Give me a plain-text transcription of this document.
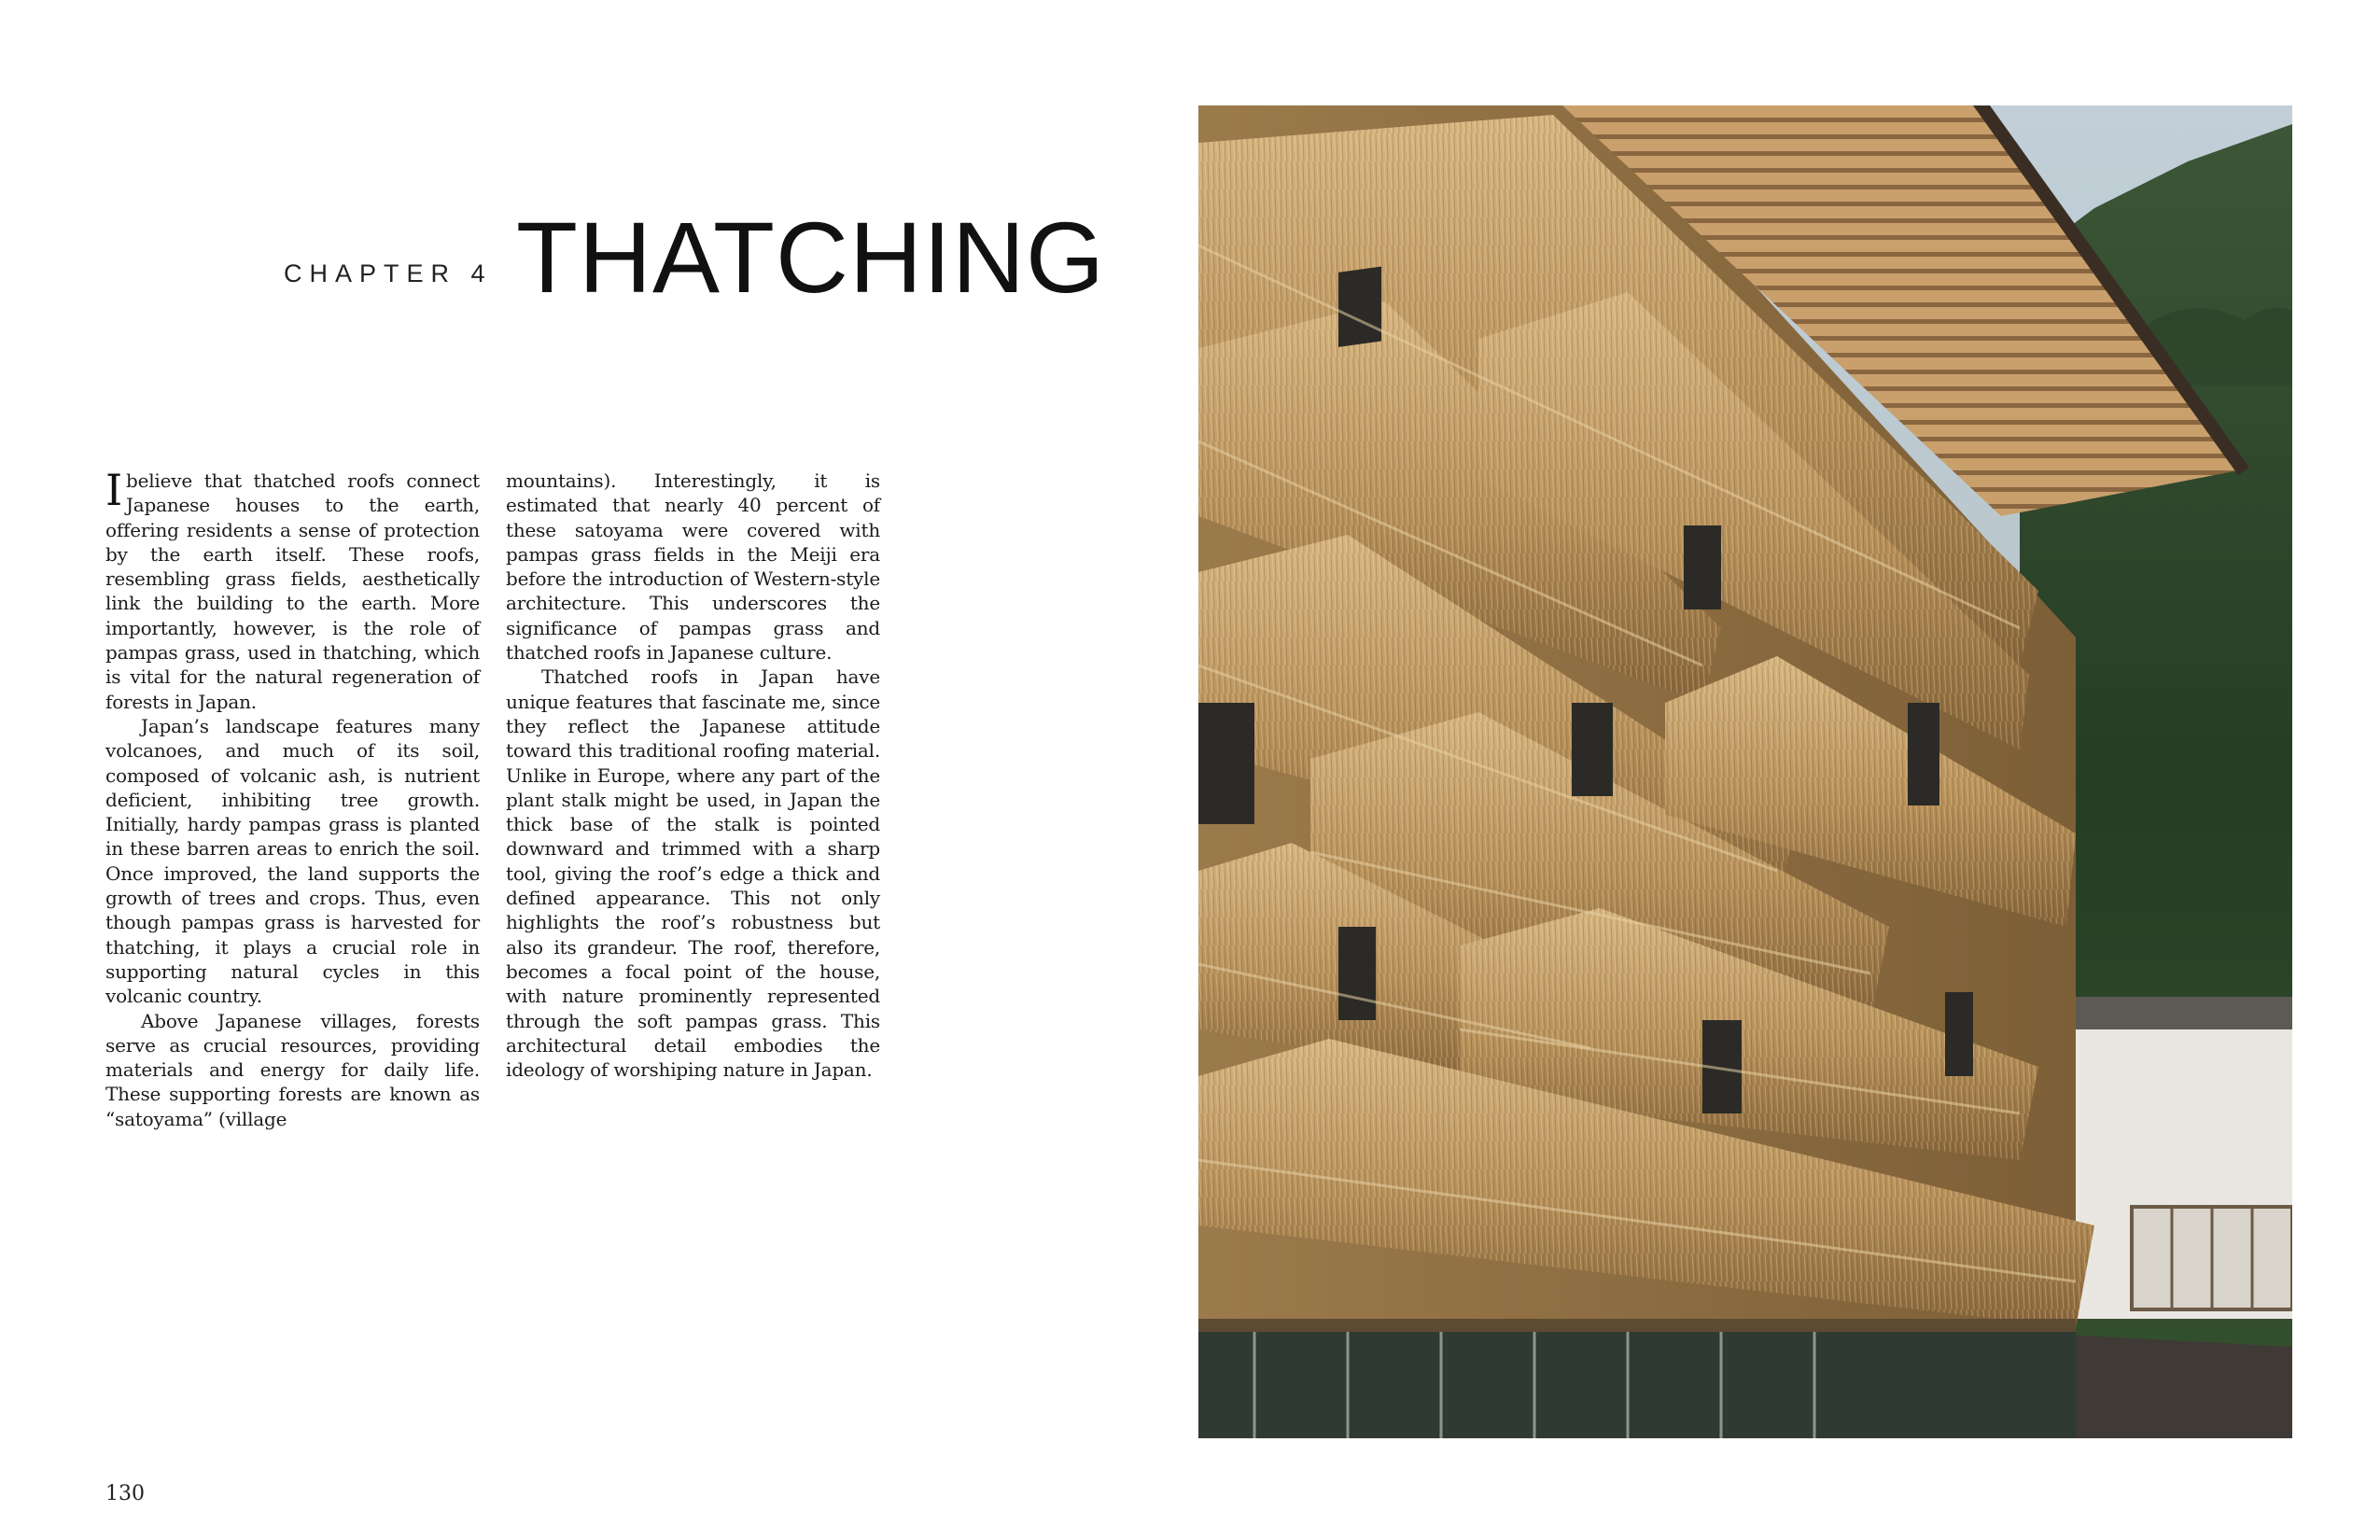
CHAPTER 4 THATCHING

Ibelieve that thatched roofs connect Japanese houses to the earth, offering residents a sense of protection by the earth itself. These roofs, resembling grass fields, aesthetically link the building to the earth. More importantly, however, is the role of pampas grass, used in thatching, which is vital for the natural regeneration of forests in Japan.

Japan’s landscape features many volcanoes, and much of its soil, composed of volcanic ash, is nutrient deficient, inhibiting tree growth. Initially, hardy pampas grass is planted in these barren areas to enrich the soil. Once improved, the land supports the growth of trees and crops. Thus, even though pampas grass is harvested for thatching, it plays a crucial role in supporting natural cycles in this volcanic country.

Above Japanese villages, forests serve as crucial resources, providing materials and energy for daily life. These supporting forests are known as “satoyama” (village

mountains). Interestingly, it is estimated that nearly 40 percent of these satoyama were covered with pampas grass fields in the Meiji era before the introduction of Western-style architecture. This underscores the significance of pampas grass and thatched roofs in Japanese culture.

Thatched roofs in Japan have unique features that fascinate me, since they reflect the Japanese attitude toward this traditional roofing material. Unlike in Europe, where any part of the plant stalk might be used, in Japan the thick base of the stalk is pointed downward and trimmed with a sharp tool, giving the roof’s edge a thick and defined appearance. This not only highlights the roof’s robustness but also its grandeur. The roof, therefore, becomes a focal point of the house, with nature prominently represented through the soft pampas grass. This architectural detail embodies the ideology of worshiping nature in Japan.

130
